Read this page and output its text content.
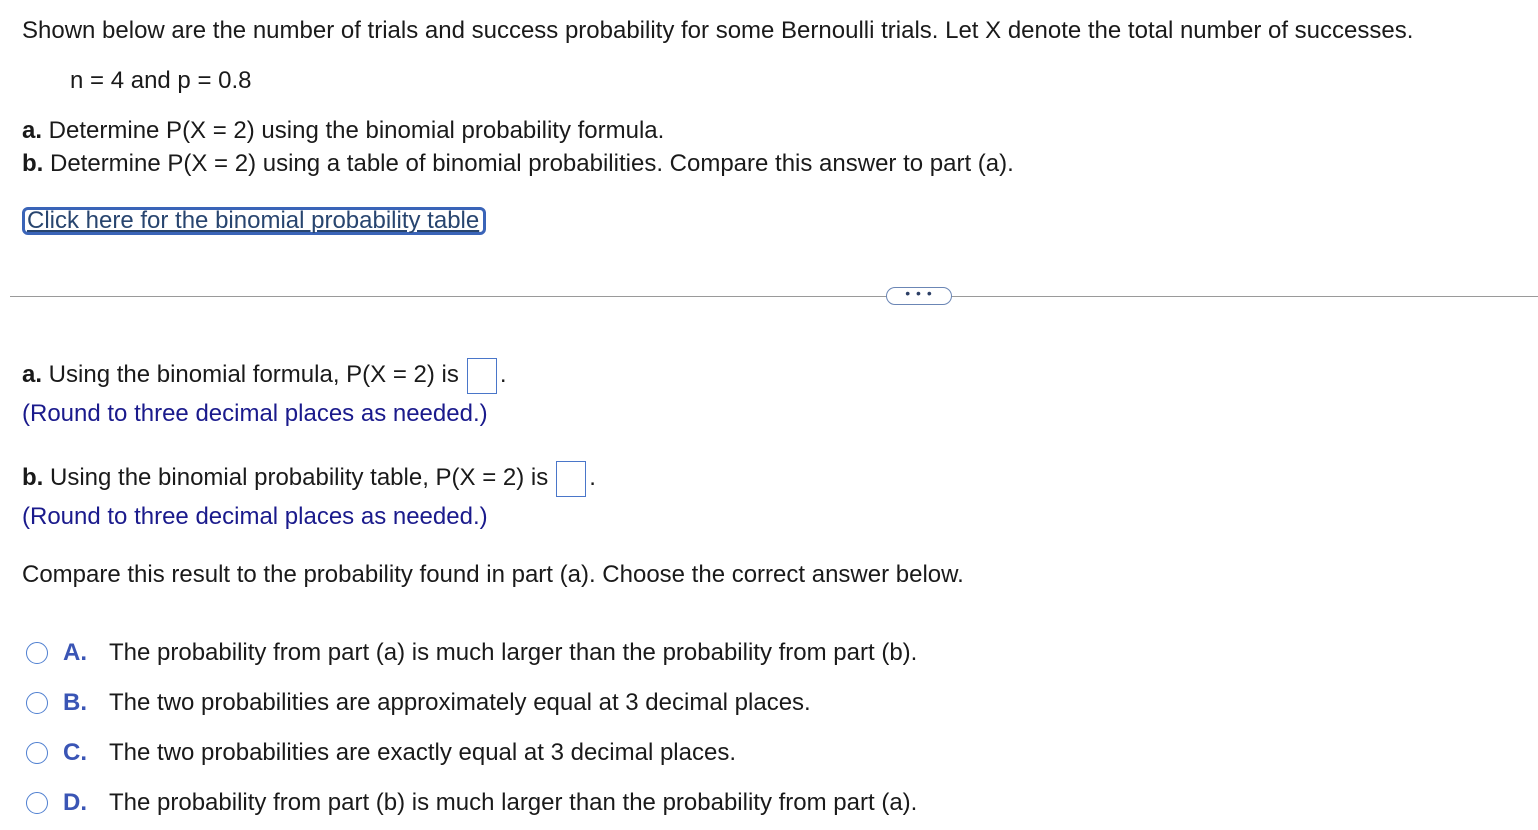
Shown below are the number of trials and success probability for some Bernoulli trials. Let X denote the total number of successes.
n = 4 and p = 0.8
a. Determine P(X = 2) using the binomial probability formula.
b. Determine P(X = 2) using a table of binomial probabilities. Compare this answer to part (a).
Click here for the binomial probability table
• • •
a. Using the binomial formula, P(X = 2) is .
(Round to three decimal places as needed.)
b. Using the binomial probability table, P(X = 2) is .
(Round to three decimal places as needed.)
Compare this result to the probability found in part (a). Choose the correct answer below.
A. The probability from part (a) is much larger than the probability from part (b).
B. The two probabilities are approximately equal at 3 decimal places.
C. The two probabilities are exactly equal at 3 decimal places.
D. The probability from part (b) is much larger than the probability from part (a).
